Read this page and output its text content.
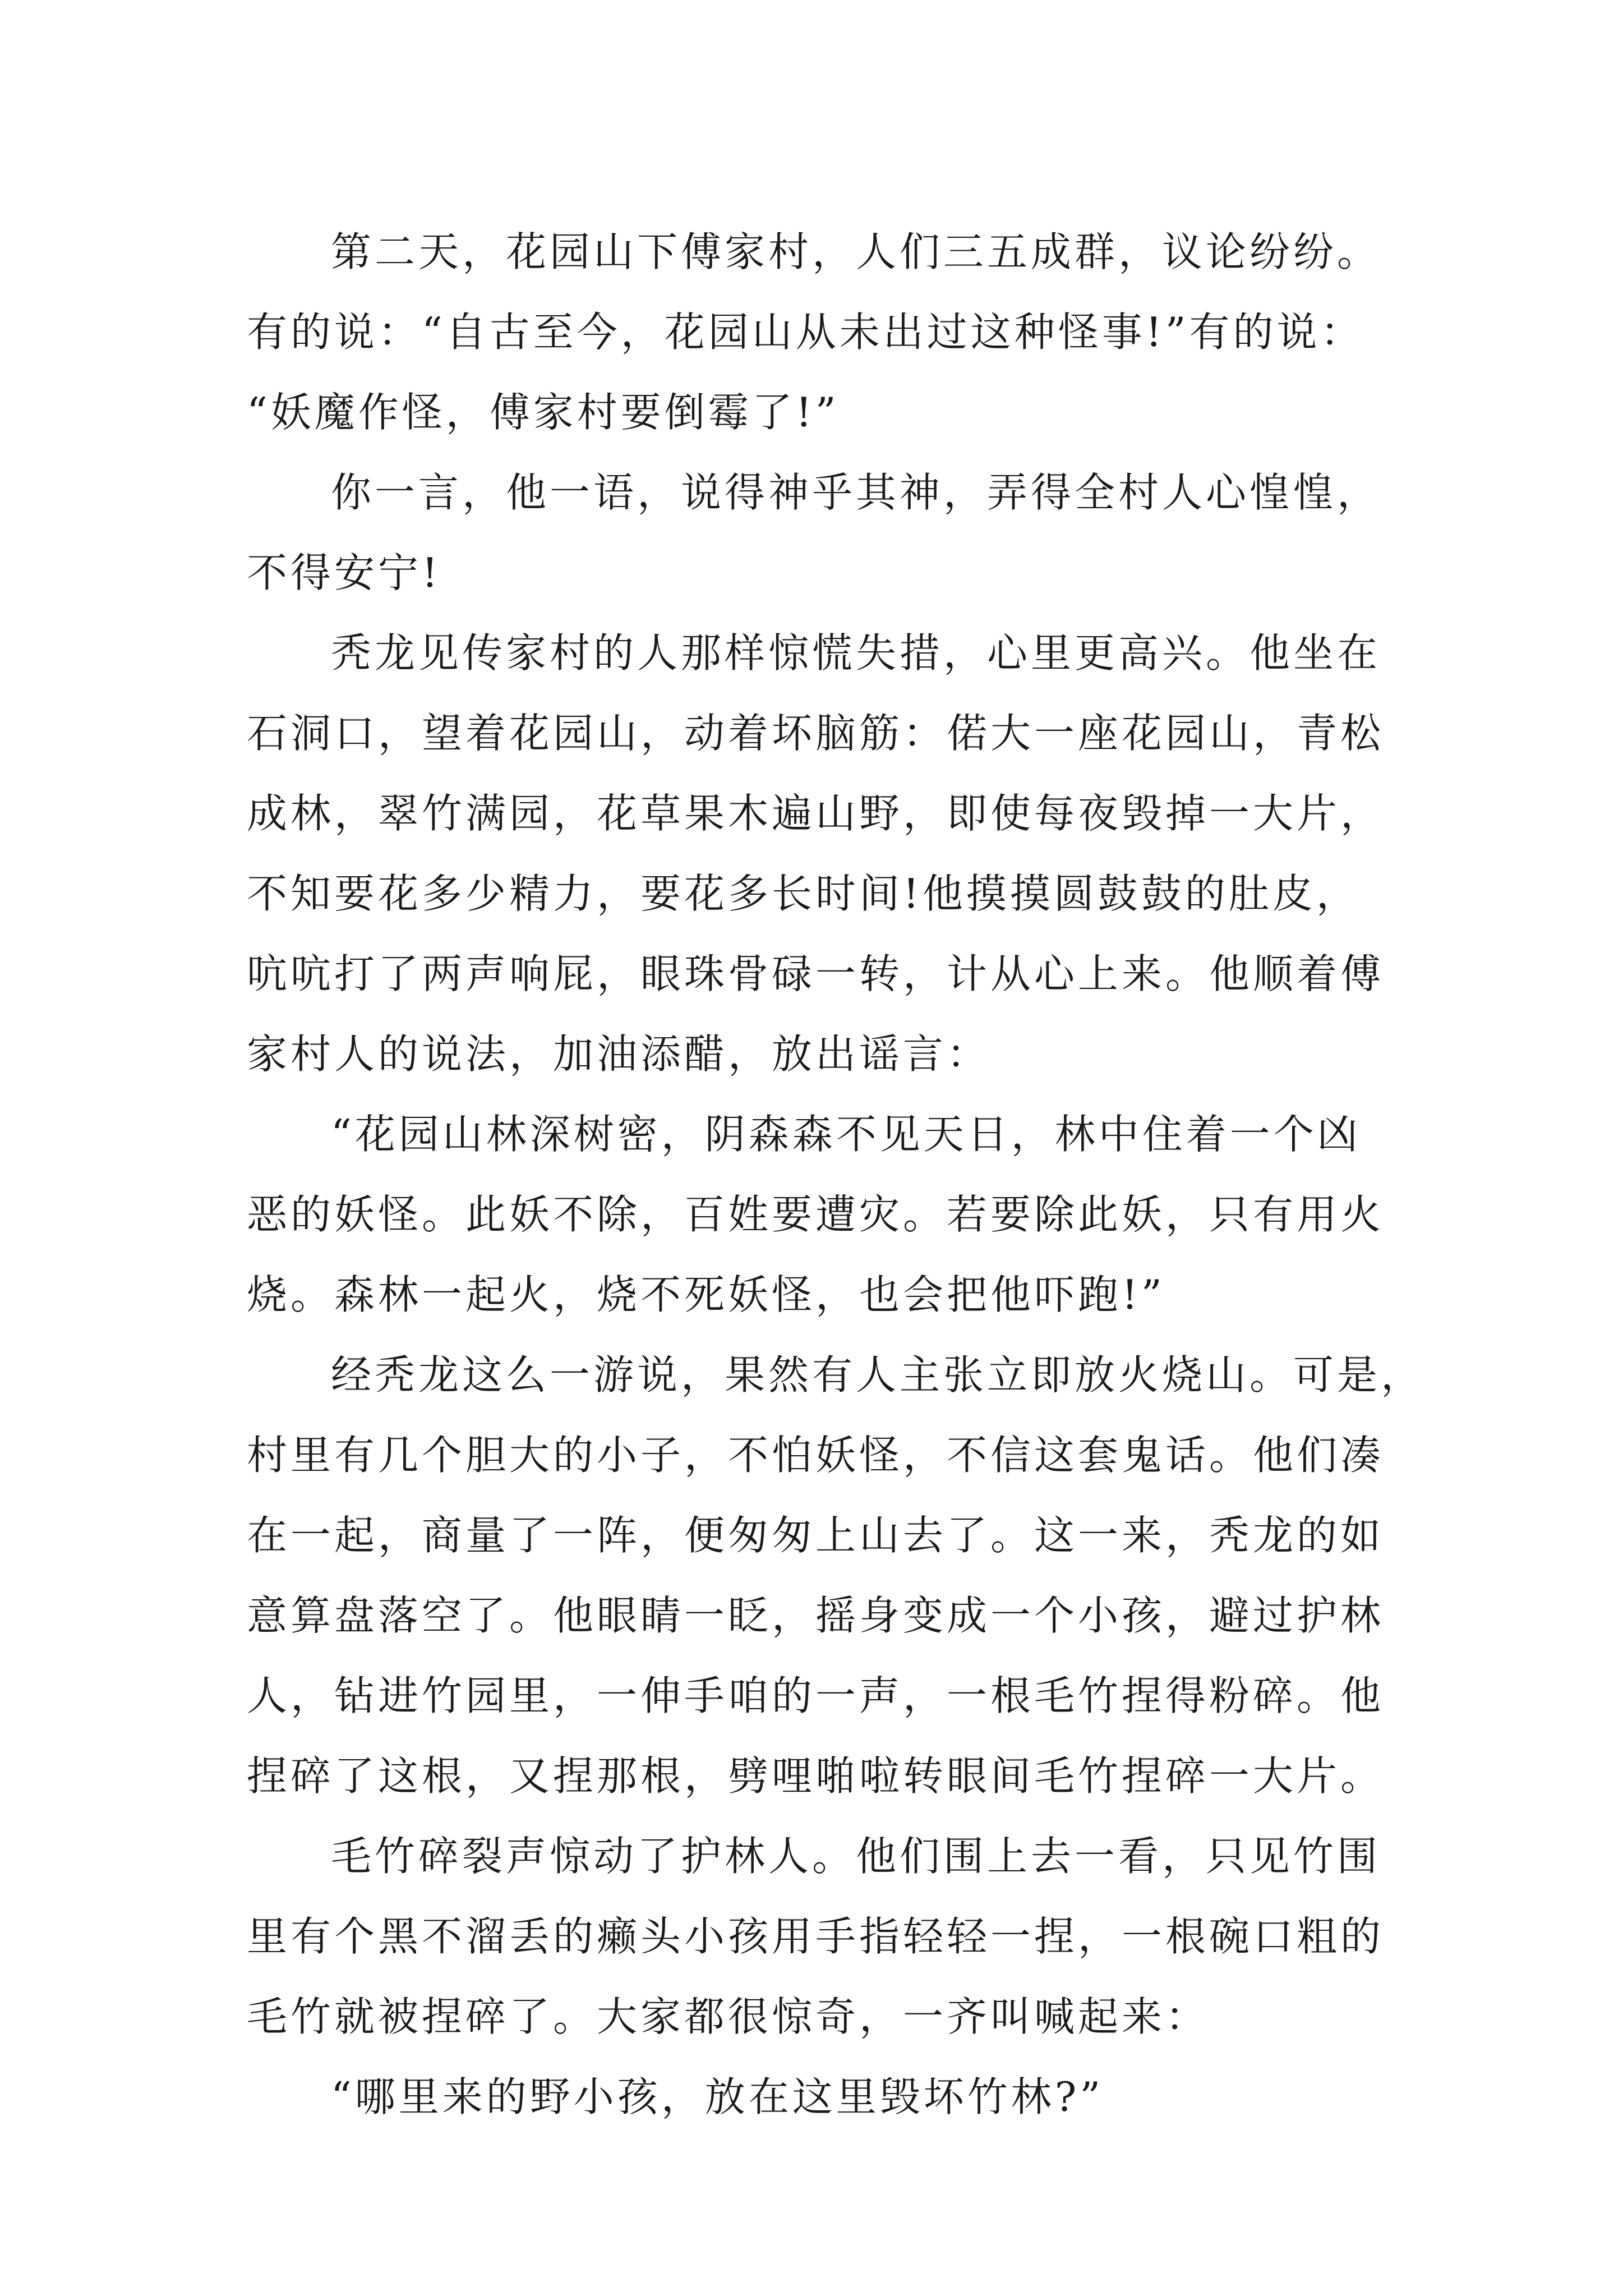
第二天，花园山下傅家村，人们三五成群，议论纷纷。
有的说：“自古至今，花园山从未出过这种怪事!”有的说：
“妖魔作怪，傅家村要倒霉了!”
你一言，他一语，说得神乎其神，弄得全村人心惶惶，
不得安宁!
秃龙见传家村的人那样惊慌失措，心里更高兴。他坐在
石洞口，望着花园山，动着坏脑筋：偌大一座花园山，青松
成林，翠竹满园，花草果木遍山野，即使每夜毁掉一大片，
不知要花多少精力，要花多长时间!他摸摸圆鼓鼓的肚皮，
吭吭打了两声响屁，眼珠骨碌一转，计从心上来。他顺着傅
家村人的说法，加油添醋，放出谣言：
“花园山林深树密，阴森森不见天日，林中住着一个凶
恶的妖怪。此妖不除，百姓要遭灾。若要除此妖，只有用火
烧。森林一起火，烧不死妖怪，也会把他吓跑!”
经秃龙这么一游说，果然有人主张立即放火烧山。可是，
村里有几个胆大的小子，不怕妖怪，不信这套鬼话。他们凑
在一起，商量了一阵，便匆匆上山去了。这一来，秃龙的如
意算盘落空了。他眼睛一眨，摇身变成一个小孩，避过护林
人，钻进竹园里，一伸手咱的一声，一根毛竹捏得粉碎。他
捏碎了这根，又捏那根，劈哩啪啦转眼间毛竹捏碎一大片。
毛竹碎裂声惊动了护林人。他们围上去一看，只见竹围
里有个黑不溜丢的癞头小孩用手指轻轻一捏，一根碗口粗的
毛竹就被捏碎了。大家都很惊奇，一齐叫喊起来：
“哪里来的野小孩，放在这里毁坏竹林?”
